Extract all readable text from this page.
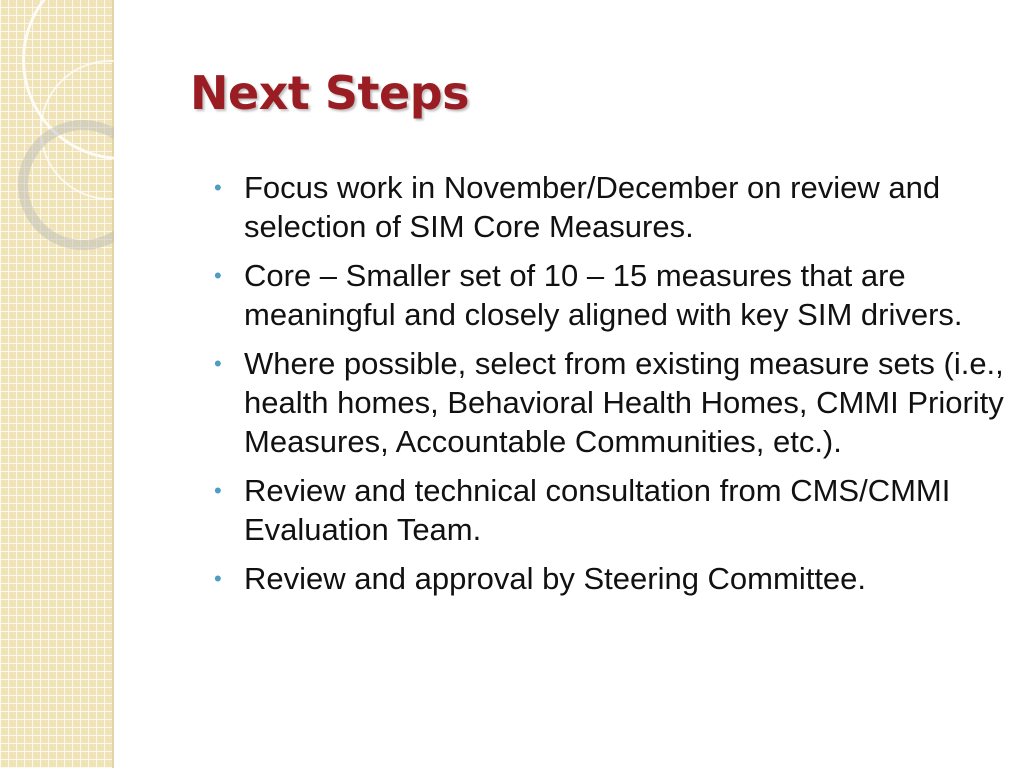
Next Steps
• Focus work in November/December on review and selection of SIM Core Measures.
• Core – Smaller set of 10 – 15 measures that are meaningful and closely aligned with key SIM drivers.
• Where possible, select from existing measure sets (i.e., health homes, Behavioral Health Homes, CMMI Priority Measures, Accountable Communities, etc.).
• Review and technical consultation from CMS/CMMI Evaluation Team.
• Review and approval by Steering Committee.
